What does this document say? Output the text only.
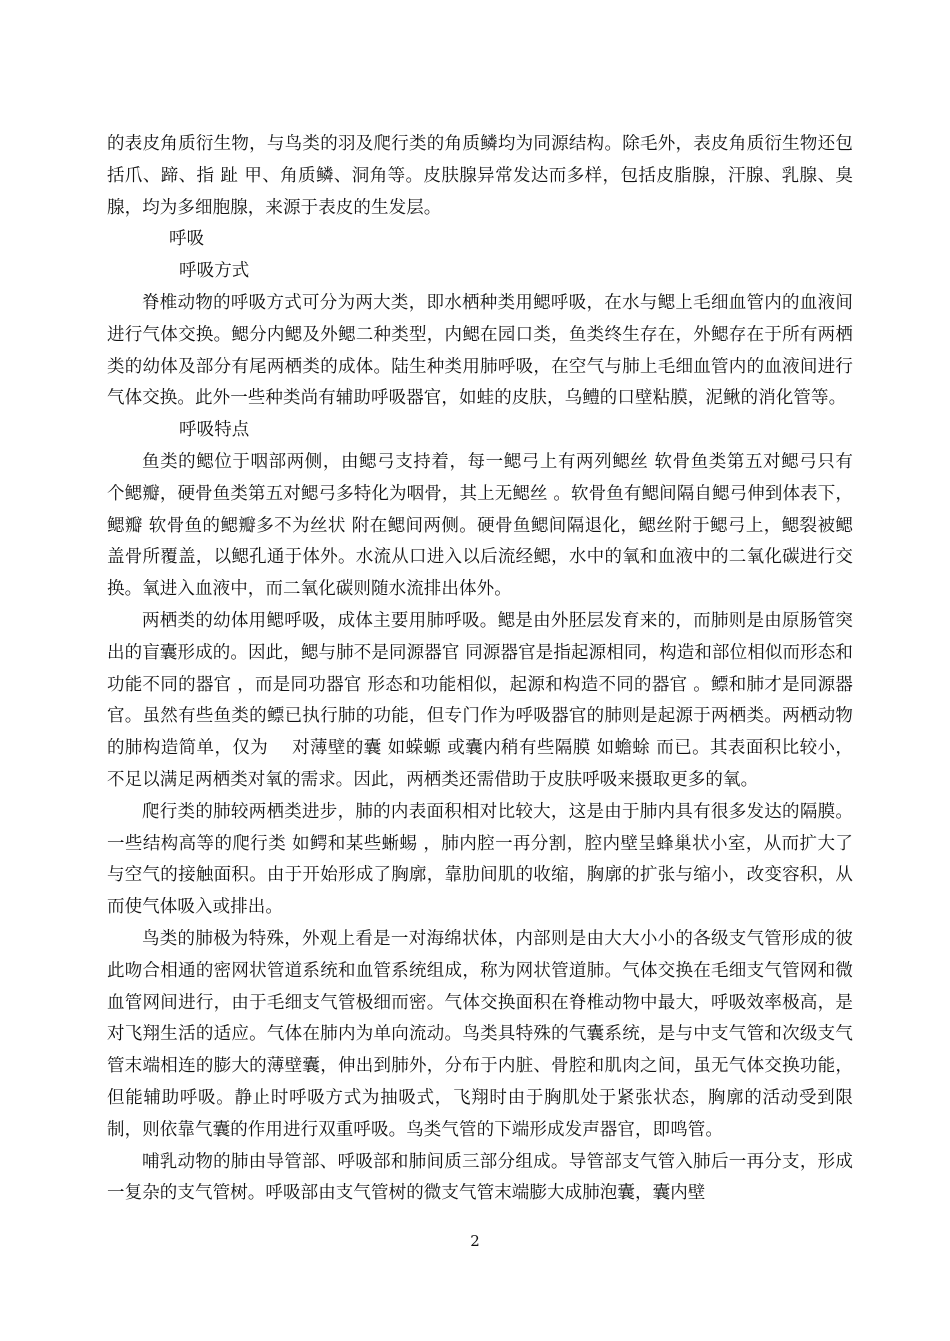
的表皮角质衍生物，与鸟类的羽及爬行类的角质鳞均为同源结构。除毛外，表皮角质衍生物还包括爪、蹄、指 趾 甲、角质鳞、洞角等。皮肤腺异常发达而多样，包括皮脂腺，汗腺、乳腺、臭腺，均为多细胞腺，来源于表皮的生发层。

呼吸

呼吸方式

脊椎动物的呼吸方式可分为两大类，即水栖种类用鳃呼吸，在水与鳃上毛细血管内的血液间进行气体交换。鳃分内鳃及外鳃二种类型，内鳃在园口类，鱼类终生存在，外鳃存在于所有两栖类的幼体及部分有尾两栖类的成体。陆生种类用肺呼吸，在空气与肺上毛细血管内的血液间进行气体交换。此外一些种类尚有辅助呼吸器官，如蛙的皮肤，乌鳢的口壁粘膜，泥鳅的消化管等。

呼吸特点

鱼类的鳃位于咽部两侧，由鳃弓支持着，每一鳃弓上有两列鳃丝 软骨鱼类第五对鳃弓只有　个鳃瓣，硬骨鱼类第五对鳃弓多特化为咽骨，其上无鳃丝 。软骨鱼有鳃间隔自鳃弓伸到体表下，鳃瓣 软骨鱼的鳃瓣多不为丝状 附在鳃间两侧。硬骨鱼鳃间隔退化，鳃丝附于鳃弓上，鳃裂被鳃盖骨所覆盖，以鳃孔通于体外。水流从口进入以后流经鳃，水中的氧和血液中的二氧化碳进行交换。氧进入血液中，而二氧化碳则随水流排出体外。

两栖类的幼体用鳃呼吸，成体主要用肺呼吸。鳃是由外胚层发育来的，而肺则是由原肠管突出的盲囊形成的。因此，鳃与肺不是同源器官 同源器官是指起源相同，构造和部位相似而形态和功能不同的器官 ，而是同功器官 形态和功能相似，起源和构造不同的器官 。鳔和肺才是同源器官。虽然有些鱼类的鳔已执行肺的功能，但专门作为呼吸器官的肺则是起源于两栖类。两栖动物的肺构造简单，仅为　 对薄壁的囊 如蝾螈 或囊内稍有些隔膜 如蟾蜍 而已。其表面积比较小，不足以满足两栖类对氧的需求。因此，两栖类还需借助于皮肤呼吸来摄取更多的氧。

爬行类的肺较两栖类进步，肺的内表面积相对比较大，这是由于肺内具有很多发达的隔膜。一些结构高等的爬行类 如鳄和某些蜥蜴 ，肺内腔一再分割，腔内壁呈蜂巢状小室，从而扩大了与空气的接触面积。由于开始形成了胸廓，靠肋间肌的收缩，胸廓的扩张与缩小，改变容积，从而使气体吸入或排出。

鸟类的肺极为特殊，外观上看是一对海绵状体，内部则是由大大小小的各级支气管形成的彼此吻合相通的密网状管道系统和血管系统组成，称为网状管道肺。气体交换在毛细支气管网和微血管网间进行，由于毛细支气管极细而密。气体交换面积在脊椎动物中最大，呼吸效率极高，是对飞翔生活的适应。气体在肺内为单向流动。鸟类具特殊的气囊系统，是与中支气管和次级支气管末端相连的膨大的薄壁囊，伸出到肺外，分布于内脏、骨腔和肌肉之间，虽无气体交换功能，但能辅助呼吸。静止时呼吸方式为抽吸式，飞翔时由于胸肌处于紧张状态，胸廓的活动受到限制，则依靠气囊的作用进行双重呼吸。鸟类气管的下端形成发声器官，即鸣管。

哺乳动物的肺由导管部、呼吸部和肺间质三部分组成。导管部支气管入肺后一再分支，形成一复杂的支气管树。呼吸部由支气管树的微支气管末端膨大成肺泡囊，囊内壁

2
